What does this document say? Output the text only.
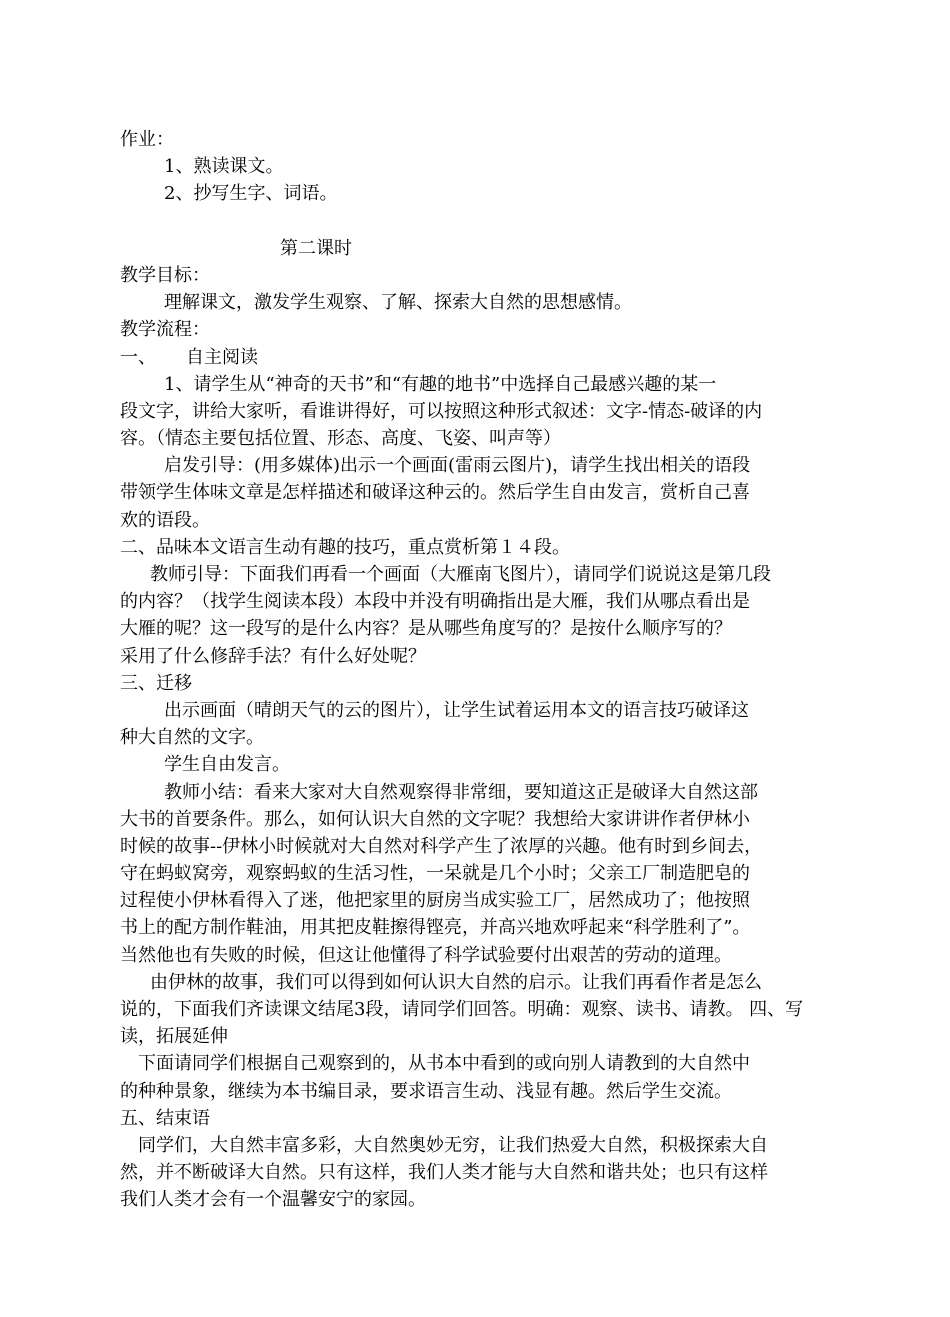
作业：
1、熟读课文。
2、抄写生字、词语。
第二课时
教学目标：
理解课文，激发学生观察、了解、探索大自然的思想感情。
教学流程：
一、 自主阅读
1、请学生从“神奇的天书”和“有趣的地书”中选择自己最感兴趣的某一
段文字，讲给大家听，看谁讲得好，可以按照这种形式叙述：文字-情态-破译的内
容。（情态主要包括位置、形态、高度、飞姿、叫声等）
启发引导：(用多媒体)出示一个画面(雷雨云图片)，请学生找出相关的语段
带领学生体味文章是怎样描述和破译这种云的。然后学生自由发言，赏析自己喜
欢的语段。
二、品味本文语言生动有趣的技巧，重点赏析第１４段。
教师引导：下面我们再看一个画面（大雁南飞图片），请同学们说说这是第几段
的内容？（找学生阅读本段）本段中并没有明确指出是大雁，我们从哪点看出是
大雁的呢？这一段写的是什么内容？是从哪些角度写的？是按什么顺序写的？
采用了什么修辞手法？有什么好处呢？
三、迁移
出示画面（晴朗天气的云的图片），让学生试着运用本文的语言技巧破译这
种大自然的文字。
学生自由发言。
教师小结：看来大家对大自然观察得非常细，要知道这正是破译大自然这部
大书的首要条件。那么，如何认识大自然的文字呢？我想给大家讲讲作者伊林小
时候的故事--伊林小时候就对大自然对科学产生了浓厚的兴趣。他有时到乡间去，
守在蚂蚁窝旁，观察蚂蚁的生活习性，一呆就是几个小时；父亲工厂制造肥皂的
过程使小伊林看得入了迷，他把家里的厨房当成实验工厂，居然成功了；他按照
书上的配方制作鞋油，用其把皮鞋擦得铿亮，并高兴地欢呼起来“科学胜利了”。
当然他也有失败的时候，但这让他懂得了科学试验要付出艰苦的劳动的道理。
由伊林的故事，我们可以得到如何认识大自然的启示。让我们再看作者是怎么
说的，下面我们齐读课文结尾3段，请同学们回答。明确：观察、读书、请教。 四、写
读，拓展延伸
下面请同学们根据自己观察到的，从书本中看到的或向别人请教到的大自然中
的种种景象，继续为本书编目录，要求语言生动、浅显有趣。然后学生交流。
五、结束语
同学们，大自然丰富多彩，大自然奥妙无穷，让我们热爱大自然，积极探索大自
然，并不断破译大自然。只有这样，我们人类才能与大自然和谐共处；也只有这样
我们人类才会有一个温馨安宁的家园。
